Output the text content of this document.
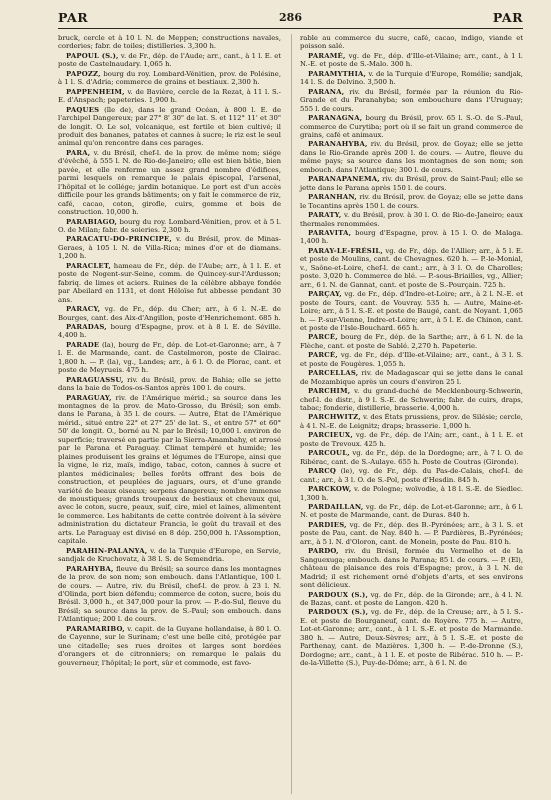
PAR	286	PAR

bruck, cercle et à 10 l. N. de Meppen; constructions navales, corderies; fabr. de toiles; distilleries. 3,300 h.

PAPOUL (S.), v. de Fr., dép. de l'Aude; arr., cant., à 1 l. E. et poste de Castelnaudary. 1,065 h.

PAPOZZ, bourg du roy. Lombard-Vénitien, prov. de Polésine, à 1 l. S. d'Adria; commerce de grains et bestiaux. 2,300 h.

PAPPENHEIM, v. de Bavière, cercle de la Rezat, à 11 l. S.-E. d'Anspach; papeteries. 1,900 h.

PAQUES (île de), dans le grand Océan, à 800 l. E. de l'archipel Dangereux; par 27° 8' 30" de lat. S. et 112° 11' et 30" de longit. O. Le sol, volcanique, est fertile et bien cultivé; il produit des bananes, patates et cannes à sucre; le riz est le seul animal qu'on rencontre dans ces parages.

PARA, v. du Brésil, chef-l. de la prov. de même nom; siége d'évêché, à 555 l. N. de Rio-de-Janeiro; elle est bien bâtie, bien pavée, et elle renferme un assez grand nombre d'édifices, parmi lesquels on remarque le palais épiscopal, l'arsenal, l'hôpital et le collége; jardin botanique. Le port est d'un accès difficile pour les grands bâtiments; on y fait le commerce de riz, café, cacao, coton, girofle, cuirs, gomme et bois de construction. 10,000 h.

PARABIAGO, bourg du roy. Lombard-Vénitien, prov. et à 5 l. O. de Milan; fabr. de soieries. 2,300 h.

PARACATU-DO-PRINCIPE, v. du Brésil, prov. de Minas-Geraes, à 105 l. N. de Villa-Rica; mines d'or et de diamans. 1,200 h.

PARACLET, hameau de Fr., dép. de l'Aube; arr., à 1 l. E. et poste de Nogent-sur-Seine, comm. de Quincey-sur-l'Ardusson; fabriq. de limes et aciers. Ruines de la célèbre abbaye fondée par Abeilard en 1131, et dont Héloïse fut abbesse pendant 30 ans.

PARACY, vg. de Fr., dép. du Cher; arr., à 6 l. N.-E. de Bourges, cant. des Aix-d'Angillon, poste d'Henrichemont. 685 h.

PARADAS, bourg d'Espagne, prov. et à 8 l. E. de Séville. 4,400 h.

PARADE (la), bourg de Fr., dép. de Lot-et-Garonne; arr., à 7 l. E. de Marmande, cant. de Castelmoron, poste de Clairac. 1,800 h. — P. (la), vg., Landes; arr., à 6 l. O. de Plorac, cant. et poste de Meyrueis. 475 h.

PARAGUASSU, riv. du Brésil, prov. de Bahia; elle se jette dans la baie de Todos-os-Santos après 100 l. de cours.

PARAGUAY, riv. de l'Amérique mérid.; sa source dans les montagnes de la prov. de Mato-Grosso, du Brésil; son emb. dans le Parana, à 35 l. de cours. — Autre, État de l'Amérique mérid., situé entre 22° et 27° 25' de lat. S., et entre 57° et 60° 50' de longit. O., borné au N. par le Brésil; 10,000 l. environ de superficie; traversé en partie par la Sierra-Amambahy, et arrosé par le Parana et Paraguay. Climat tempéré et humide; les plaines produisent les grains et légumes de l'Europe, ainsi que la vigne, le riz, maïs, indigo, tabac, coton, cannes à sucre et plantes médicinales; belles forêts offrant des bois de construction, et peuplées de jaguars, ours, et d'une grande variété de beaux oiseaux; serpens dangereux; nombre immense de moustiques; grands troupeaux de bestiaux et chevaux qui, avec le coton, sucre, peaux, suif, cire, miel et laines, alimentent le commerce. Les habitants de cette contrée doivent à la sévère administration du dictateur Francia, le goût du travail et des arts. Le Paraguay est divisé en 8 dép. 250,000 h. l'Assomption, capitale.

PARAHIN-PALANYA, v. de la Turquie d'Europe, en Servie, sandjak de Kruchovatz, à 38 l. S. de Semendria.

PARAHYBA, fleuve du Brésil; sa source dans les montagnes de la prov. de son nom; son embouch. dans l'Atlantique, 100 l. de cours. — Autre, riv. du Brésil, chef-l. de prov. à 23 l. N. d'Olinda, port bien défendu; commerce de coton, sucre, bois du Brésil. 3,000 h., et 347,000 pour la prov. — P.-do-Sul, fleuve du Brésil; sa source dans la prov. de S.-Paul; son embouch. dans l'Atlantique; 200 l. de cours.

PARAMARIBO, v. capit. de la Guyane hollandaise, à 80 l. O. de Cayenne, sur le Surinam; c'est une belle cité, protégée par une citadelle; ses rues droites et larges sont bordées d'orangers et de citronniers; on remarque le palais du gouverneur, l'hôpital; le port, sûr et commode, est favo-

rable au commerce du sucre, café, cacao, indigo, viande et poisson salé.

PARAMÉ, vg. de Fr., dép. d'Ille-et-Vilaine; arr., cant., à 1 l. N.-E. et poste de S.-Malo. 300 h.

PARAMYTHIA, v. de la Turquie d'Europe, Romélie; sandjak, 14 l. S. de Delvino. 3,500 h.

PARANA, riv. du Brésil, formée par la réunion du Rio-Grande et du Paranahyba; son embouchure dans l'Uruguay; 555 l. de cours.

PARANAGNA, bourg du Brésil, prov. 65 l. S.-O. de S.-Paul, commerce de Curytiba; port où il se fait un grand commerce de grains, café et animaux.

PARANAHYBA, riv. du Brésil, prov. de Goyaz; elle se jette dans le Rio-Grande après 200 l. de cours. — Autre, fleuve du même pays; sa source dans les montagnes de son nom; son embouch. dans l'Atlantique; 300 l. de cours.

PARANAPANEMA, riv. du Brésil, prov. de Saint-Paul; elle se jette dans le Parana après 150 l. de cours.

PARANHAN, riv. du Brésil, prov. de Goyaz; elle se jette dans le Tocantins après 150 l. de cours.

PARATY, v. du Brésil, prov. à 30 l. O. de Rio-de-Janeiro; eaux thermales renommées.

PARAVITA, bourg d'Espagne, prov. à 15 l. O. de Malaga. 1,400 h.

PARAY-LE-FRÉSIL, vg. de Fr., dép. de l'Allier; arr., à 5 l. E. et poste de Moulins, cant. de Chevagnes. 620 h. — P.-le-Monial, v., Saône-et-Loire, chef-l. de cant.; arr., à 3 l. O. de Charolles; poste. 3,020 h. Commerce de blé. — P.-sous-Briailles, vg., Allier; arr., 6 l. N. de Gannat, cant. et poste de S.-Pourçain. 725 h.

PARÇAY, vg. de Fr., dép. d'Indre-et-Loire; arr., à 2 l. N.-E. et poste de Tours, cant. de Vouvray. 535 h. — Autre, Maine-et-Loire; arr., à 5 l. S.-E. et poste de Baugé, cant. de Noyant. 1,065 h. — P.-sur-Vienne, Indre-et-Loire; arr., à 5 l. E. de Chinon, cant. et poste de l'Isle-Bouchard. 665 h.

PARCÉ, bourg de Fr., dép. de la Sarthe; arr., à 6 l. N. de la Flèche, cant. et poste de Sablé. 2,270 h. Papeterie.

PARCÉ, vg. de Fr., dép. d'Ille-et-Vilaine; arr., cant., à 3 l. S. et poste de Fougères. 1,055 h.

PARCELLAS, riv. de Madagascar qui se jette dans le canal de Mozambique après un cours d'environ 25 l.

PARCHIM, v. du grand-duché de Mecklenbourg-Schwerin, chef-l. de distr., à 9 l. S.-E. de Schwerin; fabr. de cuirs, draps, tabac; fonderie, distillerie, brasserie. 4,000 h.

PARCHWITZ, v. des États prussiens, prov. de Silésie; cercle, à 4 l. N.-E. de Leignitz; draps; brasserie. 1,000 h.

PARCIEUX, vg. de Fr., dép. de l'Ain; arr., cant., à 1 l. E. et poste de Trevoux. 425 h.

PARCOUL, vg. de Fr., dép. de la Dordogne; arr., à 7 l. O. de Ribérac, cant. de S.-Aulaye. 655 h. Poste de Coutras (Gironde).

PARCQ (le), vg. de Fr., dép. du Pas-de-Calais, chef-l. de cant.; arr., à 3 l. O. de S.-Pol, poste d'Hesdin. 845 h.

PARCKOW, v. de Pologne; woïvodie, à 18 l. S.-E. de Siedlec. 1,300 h.

PARDAILLAN, vg. de Fr., dép. de Lot-et-Garonne; arr., à 6 l. N. et poste de Marmande, cant. de Duras. 840 h.

PARDIES, vg. de Fr., dép. des B.-Pyrénées; arr., à 3 l. S. et poste de Pau, cant. de Nay. 840 h. — P. Pardières, B.-Pyrénées; arr., à 5 l. N. d'Oloron, cant. de Monein, poste de Pau. 810 h.

PARDO, riv. du Brésil, formée du Vermelho et de la Sanguexuga; embouch. dans le Parana; 85 l. de cours. — P. (El), château de plaisance des rois d'Espagne; prov., à 3 l. N. de Madrid; il est richement orné d'objets d'arts, et ses environs sont délicieux.

PARDOUX (S.), vg. de Fr., dép. de la Gironde; arr., à 4 l. N. de Bazas, cant. et poste de Langon. 420 h.

PARDOUX (S.), vg. de Fr., dép. de la Creuse; arr., à 5 l. S.-E. et poste de Bourganeuf, cant. de Royère. 775 h. — Autre, Lot-et-Garonne; arr., cant., à 1 l. S.-E. et poste de Marmande. 380 h. — Autre, Deux-Sèvres; arr., à 5 l. S.-E. et poste de Parthenay, cant. de Mazières. 1,300 h. — P.-de-Dronne (S.), Dordogne; arr., cant., à 1 l. E. et poste de Ribérac. 510 h. — P.-de-la-Villette (S.), Puy-de-Dôme; arr., à 6 l. N. de
